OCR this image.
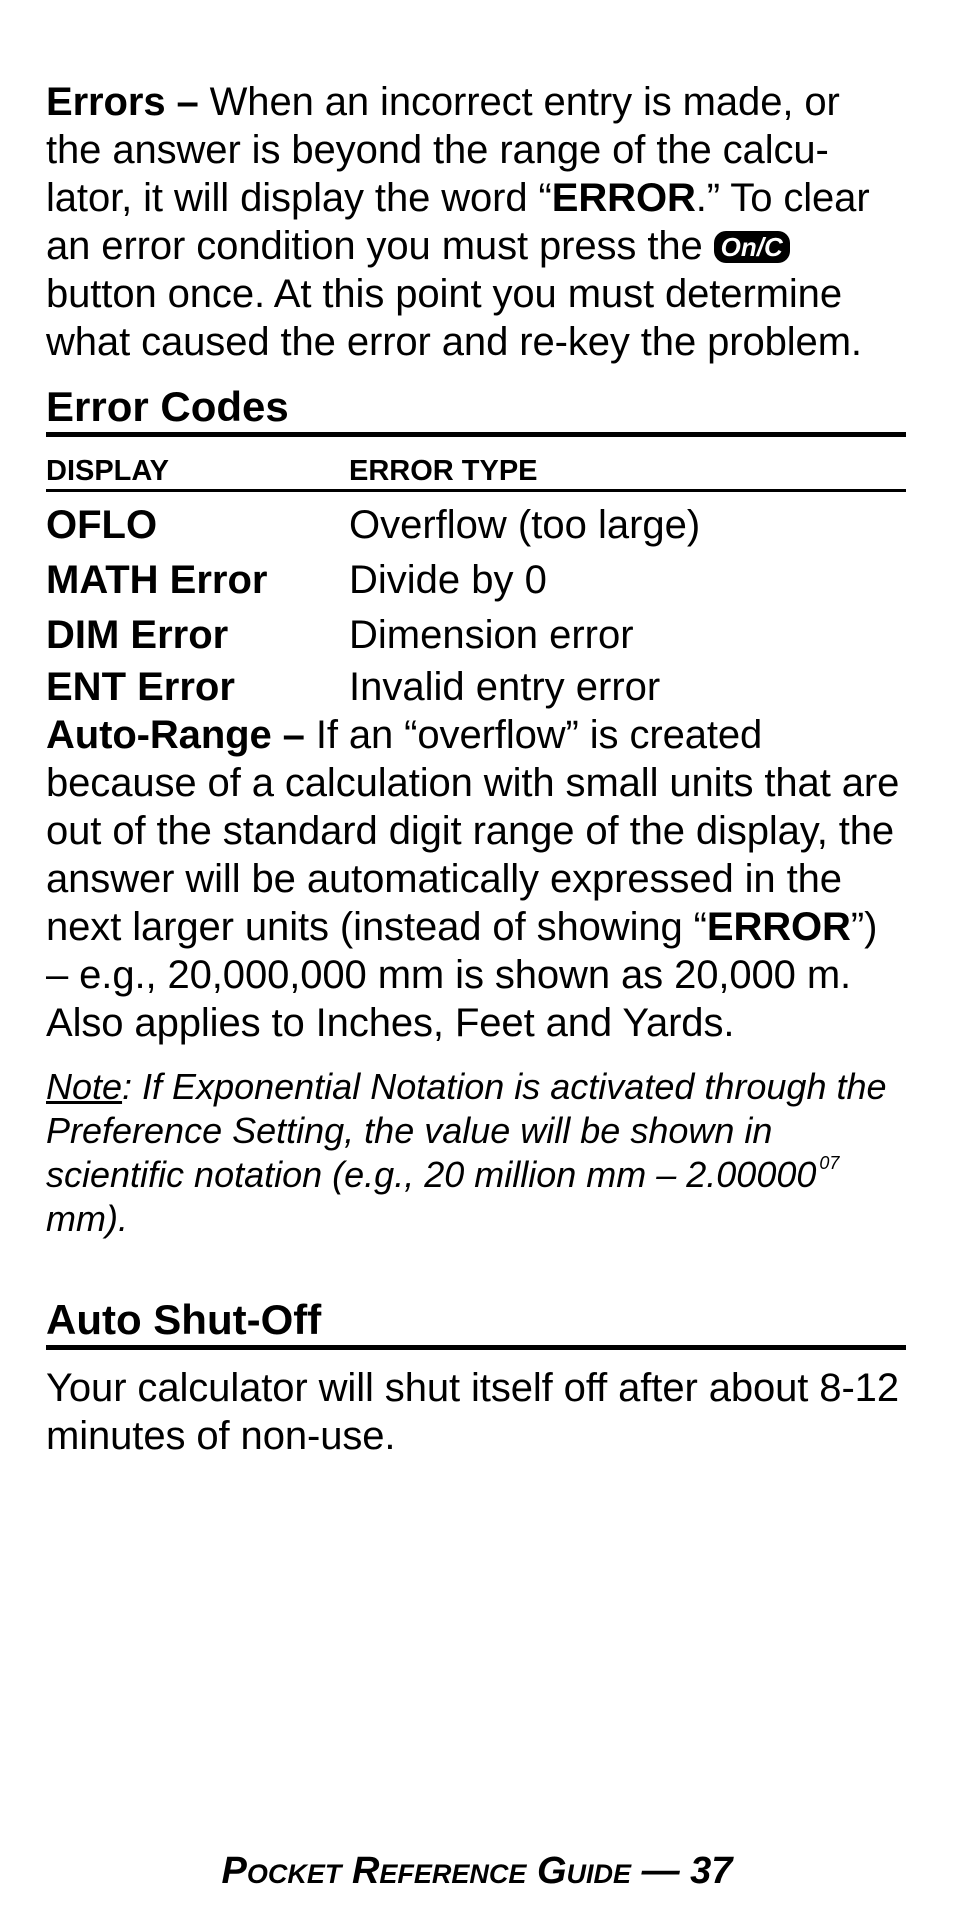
Errors – When an incorrect entry is made, or the answer is beyond the range of the calcu-lator, it will display the word “ERROR.” To clear an error condition you must press the On/C button once. At this point you must determine what caused the error and re-key the problem.

Error Codes
DISPLAY	ERROR TYPE
OFLO	Overflow (too large)
MATH Error	Divide by 0
DIM Error	Dimension error
ENT Error	Invalid entry error

Auto-Range – If an “overflow” is created because of a calculation with small units that are out of the standard digit range of the display, the answer will be automatically expressed in the next larger units (instead of showing “ERROR”) – e.g., 20,000,000 mm is shown as 20,000 m. Also applies to Inches, Feet and Yards.

Note: If Exponential Notation is activated through the Preference Setting, the value will be shown in scientific notation (e.g., 20 million mm – 2.00000 $^{07}$ mm).

Auto Shut-Off

Your calculator will shut itself off after about 8-12 minutes of non-use.

Pocket Reference Guide — 37
